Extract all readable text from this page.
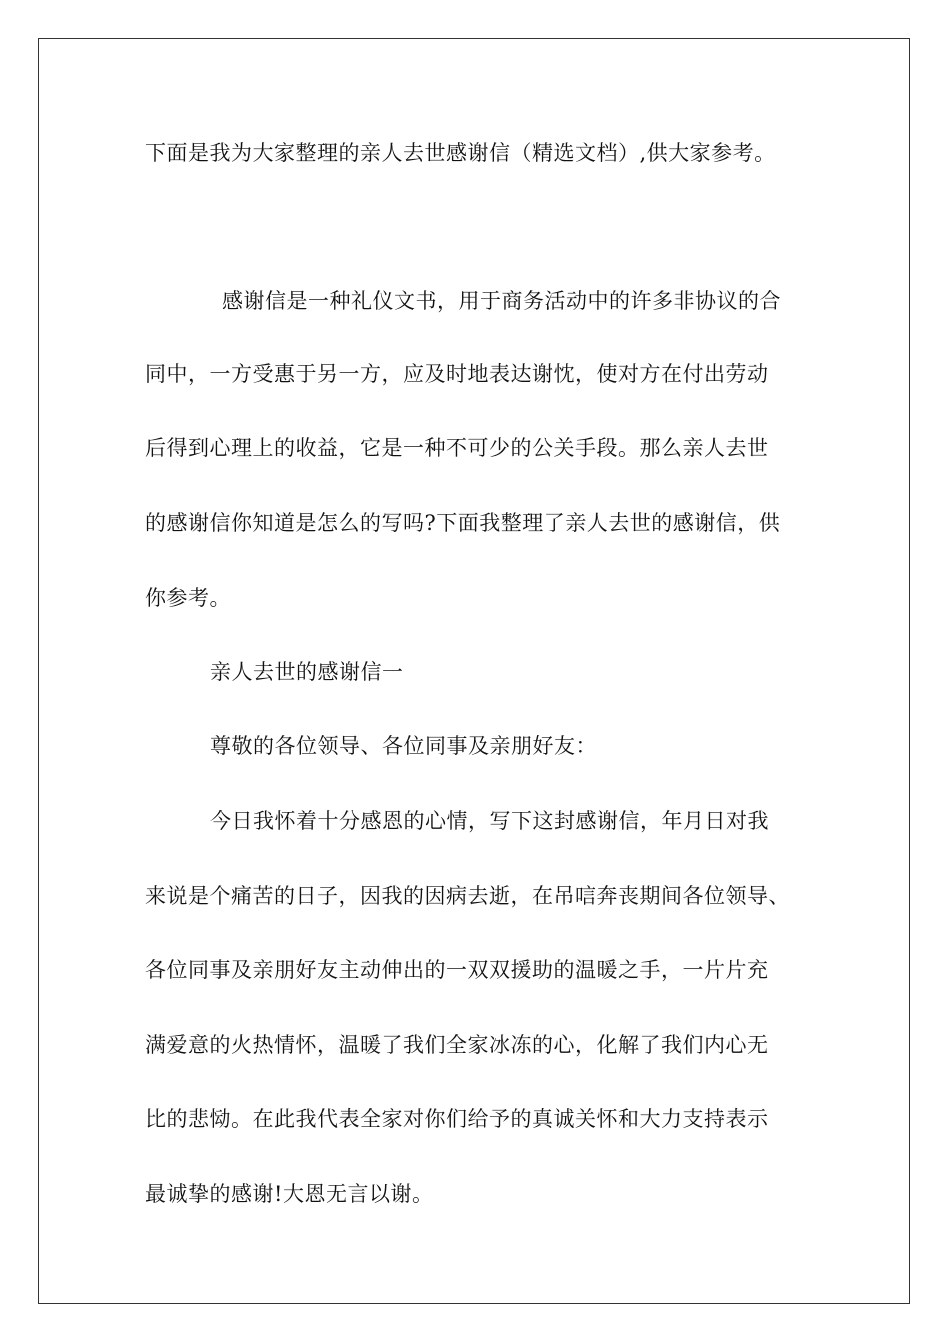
下面是我为大家整理的亲人去世感谢信（精选文档）,供大家参考。
感谢信是一种礼仪文书，用于商务活动中的许多非协议的合
同中，一方受惠于另一方，应及时地表达谢忱，使对方在付出劳动
后得到心理上的收益，它是一种不可少的公关手段。那么亲人去世
的感谢信你知道是怎么的写吗?下面我整理了亲人去世的感谢信，供
你参考。
亲人去世的感谢信一
尊敬的各位领导、各位同事及亲朋好友：
今日我怀着十分感恩的心情，写下这封感谢信，年月日对我
来说是个痛苦的日子，因我的因病去逝，在吊唁奔丧期间各位领导、
各位同事及亲朋好友主动伸出的一双双援助的温暖之手，一片片充
满爱意的火热情怀，温暖了我们全家冰冻的心，化解了我们内心无
比的悲恸。在此我代表全家对你们给予的真诚关怀和大力支持表示
最诚挚的感谢!大恩无言以谢。
